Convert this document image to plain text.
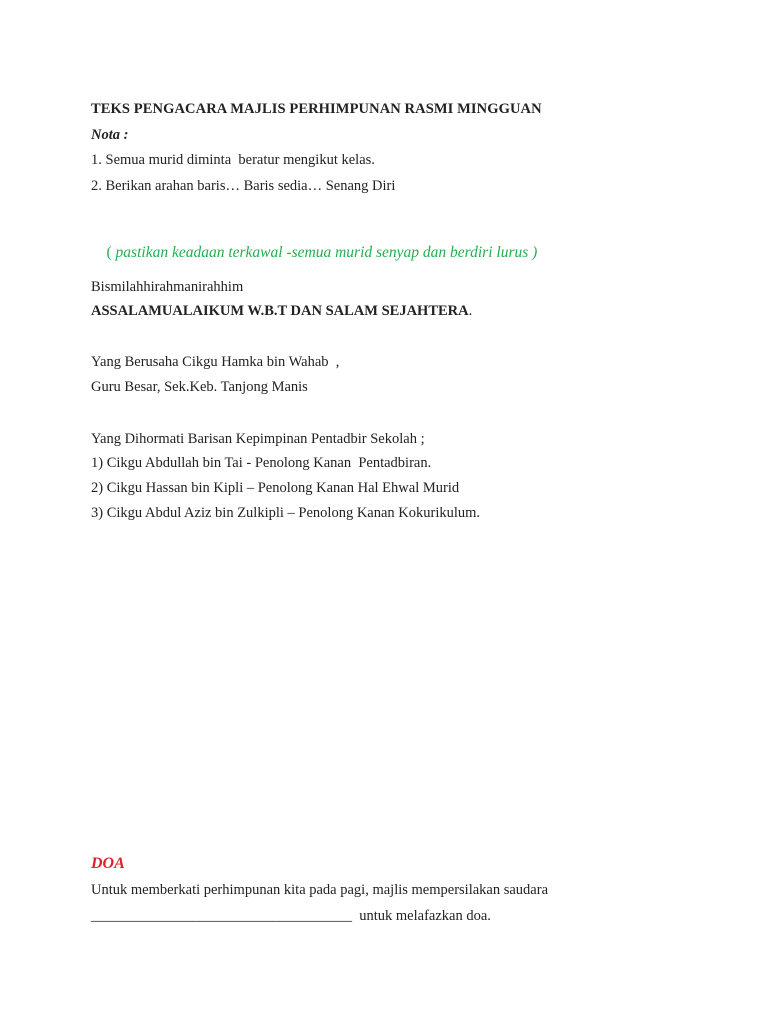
TEKS PENGACARA MAJLIS PERHIMPUNAN RASMI MINGGUAN
Nota :
1. Semua murid diminta  beratur mengikut kelas.
2. Berikan arahan baris… Baris sedia… Senang Diri

( pastikan keadaan terkawal -semua murid senyap dan berdiri lurus )

Bismilahhirahmanirahhim
ASSALAMUALAIKUM W.B.T DAN SALAM SEJAHTERA.
Yang Berusaha Cikgu Hamka bin Wahab  ,
Guru Besar, Sek.Keb. Tanjong Manis
Yang Dihormati Barisan Kepimpinan Pentadbir Sekolah ;
1) Cikgu Abdullah bin Tai - Penolong Kanan  Pentadbiran.
2) Cikgu Hassan bin Kipli – Penolong Kanan Hal Ehwal Murid
3) Cikgu Abdul Aziz bin Zulkipli – Penolong Kanan Kokurikulum.
DOA
Untuk memberkati perhimpunan kita pada pagi, majlis mempersilakan saudara
____________________________________  untuk melafazkan doa.
